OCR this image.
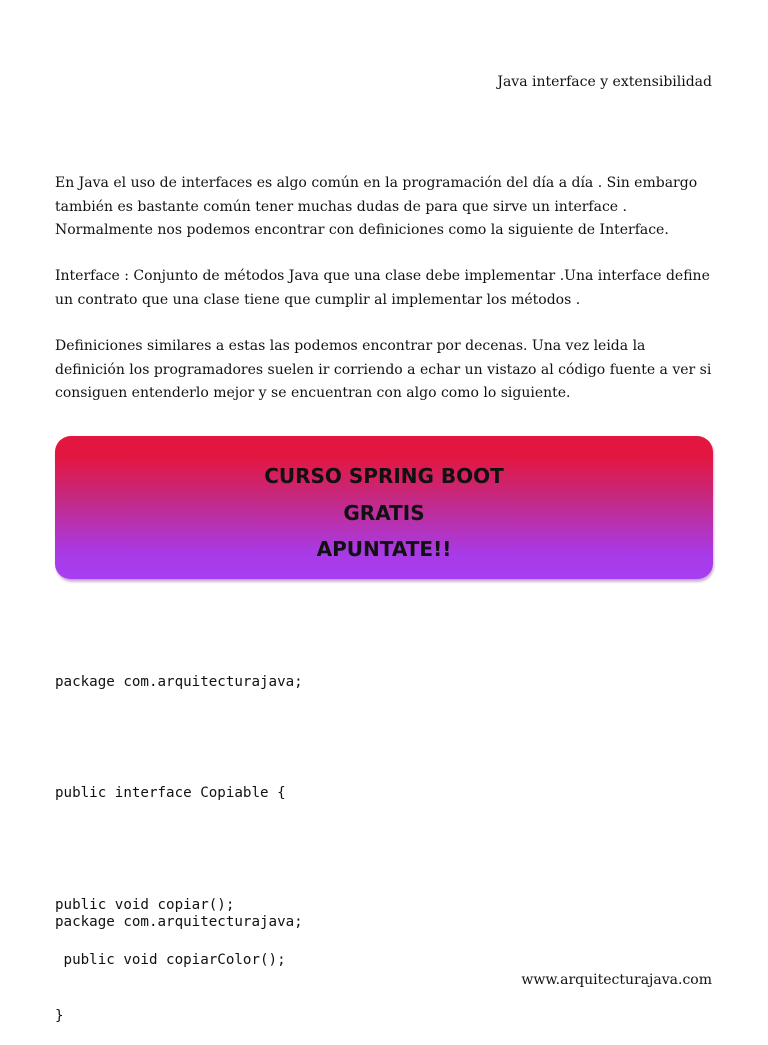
Java interface y extensibilidad
En Java el uso de interfaces es algo común en la programación del día a día . Sin embargo
también es bastante común tener muchas dudas de para que sirve un interface .
Normalmente nos podemos encontrar con definiciones como la siguiente de Interface.
Interface : Conjunto de métodos Java que una clase debe implementar .Una interface define
un contrato que una clase tiene que cumplir al implementar los métodos .
Definiciones similares a estas las podemos encontrar por decenas. Una vez leida la
definición los programadores suelen ir corriendo a echar un vistazo al código fuente a ver si
consiguen entenderlo mejor y se encuentran con algo como lo siguiente.
CURSO SPRING BOOT
GRATIS
APUNTATE!!

package com.arquitecturajava;

public interface Copiable {

public void copiar();

public void copiarColor();

}

package com.arquitecturajava;

www.arquitecturajava.com
